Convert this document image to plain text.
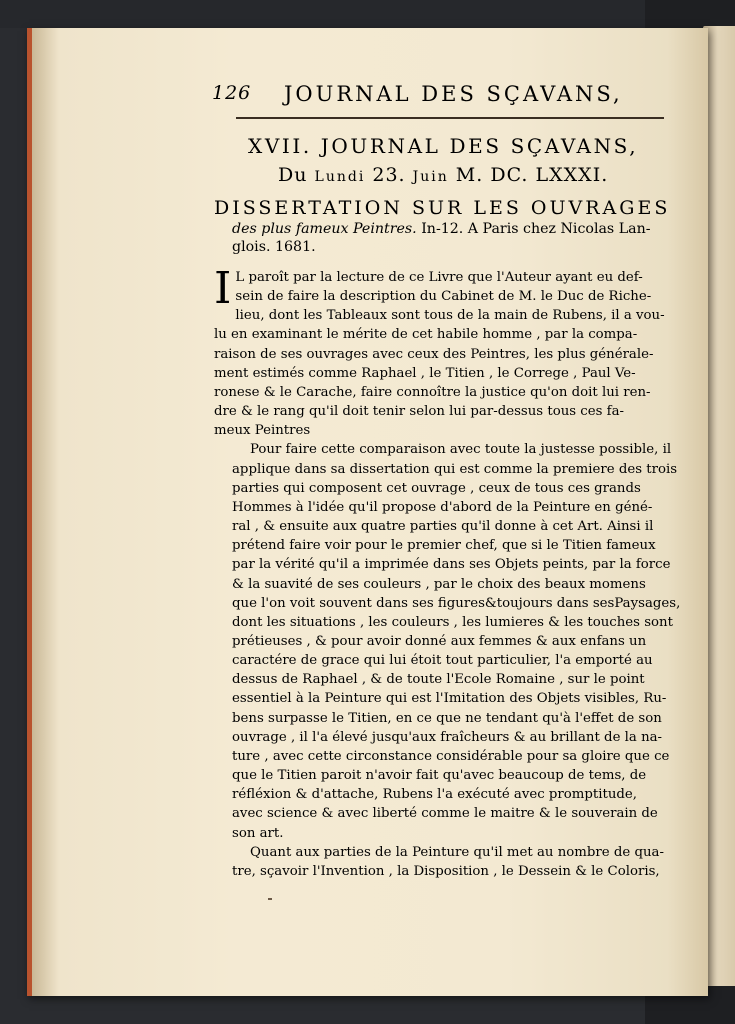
126 JOURNAL DES SÇAVANS,
XVII. JOURNAL DES SÇAVANS,
Du Lundi 23. Juin M. DC. LXXXI.
DISSERTATION SUR LES OUVRAGES
des plus fameux Peintres. In-12. A Paris chez Nicolas Lan-
glois. 1681.
I L paroît par la lecture de ce Livre que l'Auteur ayant eu def-
sein de faire la description du Cabinet de M. le Duc de Riche-
lieu, dont les Tableaux sont tous de la main de Rubens, il a vou-
lu en examinant le mérite de cet habile homme , par la compa-
raison de ses ouvrages avec ceux des Peintres, les plus générale-
ment estimés comme Raphael , le Titien , le Correge , Paul Ve-
ronese & le Carache, faire connoître la justice qu'on doit lui ren-
dre & le rang qu'il doit tenir selon lui par-dessus tous ces fa-
meux Peintres
Pour faire cette comparaison avec toute la justesse possible, il
applique dans sa dissertation qui est comme la premiere des trois
parties qui composent cet ouvrage , ceux de tous ces grands
Hommes à l'idée qu'il propose d'abord de la Peinture en géné-
ral , & ensuite aux quatre parties qu'il donne à cet Art. Ainsi il
prétend faire voir pour le premier chef, que si le Titien fameux
par la vérité qu'il a imprimée dans ses Objets peints, par la force
& la suavité de ses couleurs , par le choix des beaux momens
que l'on voit souvent dans ses figures&toujours dans sesPaysages,
dont les situations , les couleurs , les lumieres & les touches sont
prétieuses , & pour avoir donné aux femmes & aux enfans un
caractére de grace qui lui étoit tout particulier, l'a emporté au
dessus de Raphael , & de toute l'Ecole Romaine , sur le point
essentiel à la Peinture qui est l'Imitation des Objets visibles, Ru-
bens surpasse le Titien, en ce que ne tendant qu'à l'effet de son
ouvrage , il l'a élevé jusqu'aux fraîcheurs & au brillant de la na-
ture , avec cette circonstance considérable pour sa gloire que ce
que le Titien paroit n'avoir fait qu'avec beaucoup de tems, de
réfléxion & d'attache, Rubens l'a exécuté avec promptitude,
avec science & avec liberté comme le maitre & le souverain de
son art.
Quant aux parties de la Peinture qu'il met au nombre de qua-
tre, sçavoir l'Invention , la Disposition , le Dessein & le Coloris,
